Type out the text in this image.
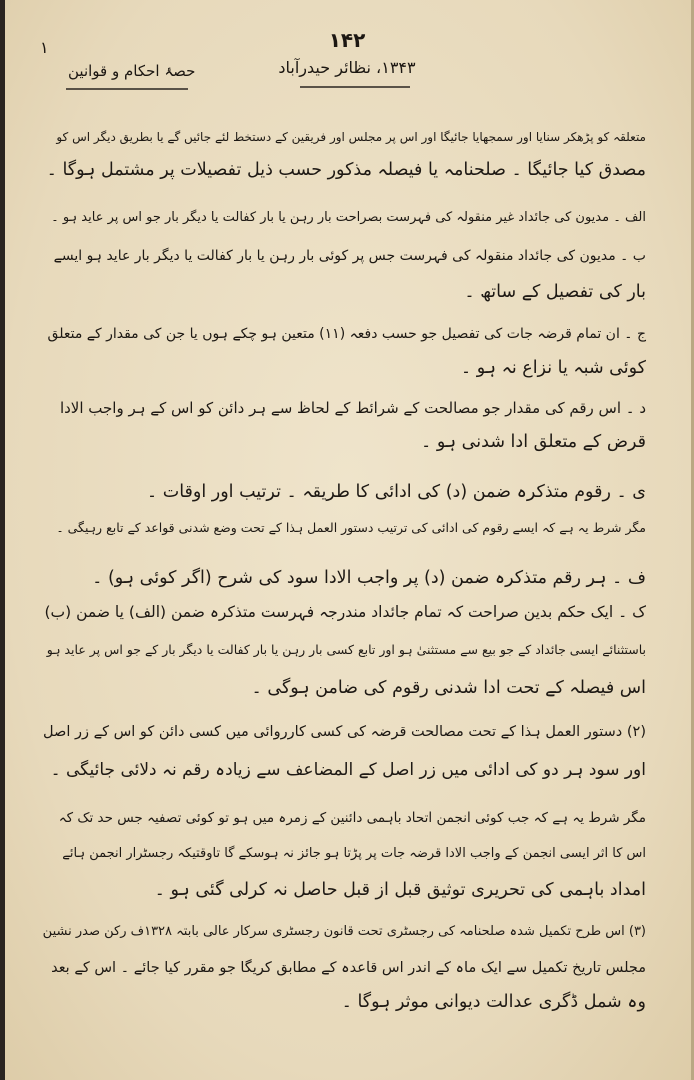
۱	۱۴۲
۱۳۴۳، نظائر حیدرآباد
حصۂ احکام و قوانین
متعلقہ کو پڑھکر سنایا اور سمجھایا جائیگا اور اس پر مجلس اور فریقین کے دستخط لئے جائیں گے یا بطریق دیگر اس کو
مصدق کیا جائیگا ۔ صلحنامہ یا فیصلہ مذکور حسب ذیل تفصیلات پر مشتمل ہوگا ۔
الف ۔ مدیون کی جائداد غیر منقولہ کی فہرست بصراحت بار رہن یا بار کفالت یا دیگر بار جو اس پر عاید ہو ۔
ب ۔ مدیون کی جائداد منقولہ کی فہرست جس پر کوئی بار رہن یا بار کفالت یا دیگر بار عاید ہو ایسے
بار کی تفصیل کے ساتھ ۔
ج ۔ ان تمام قرضہ جات کی تفصیل جو حسب دفعہ (۱۱) متعین ہو چکے ہوں یا جن کی مقدار کے متعلق
کوئی شبہ یا نزاع نہ ہو ۔
د ۔ اس رقم کی مقدار جو مصالحت کے شرائط کے لحاظ سے ہر دائن کو اس کے ہر واجب الادا
قرض کے متعلق ادا شدنی ہو ۔
ی ۔ رقوم متذکرہ ضمن (د) کی ادائی کا طریقہ ۔ ترتیب اور اوقات ۔
مگر شرط یہ ہے کہ ایسے رقوم کی ادائی کی ترتیب دستور العمل ہذا کے تحت وضع شدنی قواعد کے تابع رہیگی ۔
ف ۔ ہر رقم متذکرہ ضمن (د) پر واجب الادا سود کی شرح (اگر کوئی ہو) ۔
ک ۔ ایک حکم بدین صراحت کہ تمام جائداد مندرجہ فہرست متذکرہ ضمن (الف) یا ضمن (ب)
باستثنائے ایسی جائداد کے جو بیع سے مستثنیٰ ہو اور تابع کسی بار رہن یا بار کفالت یا دیگر بار کے جو اس پر عاید ہو
اس فیصلہ کے تحت ادا شدنی رقوم کی ضامن ہوگی ۔
(۲) دستور العمل ہذا کے تحت مصالحت قرضہ کی کسی کارروائی میں کسی دائن کو اس کے زر اصل
اور سود ہر دو کی ادائی میں زر اصل کے المضاعف سے زیادہ رقم نہ دلائی جائیگی ۔
مگر شرط یہ ہے کہ جب کوئی انجمن اتحاد باہمی دائنین کے زمرہ میں ہو تو کوئی تصفیہ جس حد تک کہ
اس کا اثر ایسی انجمن کے واجب الادا قرضہ جات پر پڑتا ہو جائز نہ ہوسکے گا تاوقتیکہ رجسٹرار انجمن ہائے
امداد باہمی کی تحریری توثیق قبل از قبل حاصل نہ کرلی گئی ہو ۔
(۳) اس طرح تکمیل شدہ صلحنامہ کی رجسٹری تحت قانون رجسٹری سرکار عالی بابتہ ۱۳۲۸ف رکن صدر نشین
مجلس تاریخ تکمیل سے ایک ماہ کے اندر اس قاعدہ کے مطابق کریگا جو مقرر کیا جائے ۔ اس کے بعد
وہ شمل ڈگری عدالت دیوانی موثر ہوگا ۔
